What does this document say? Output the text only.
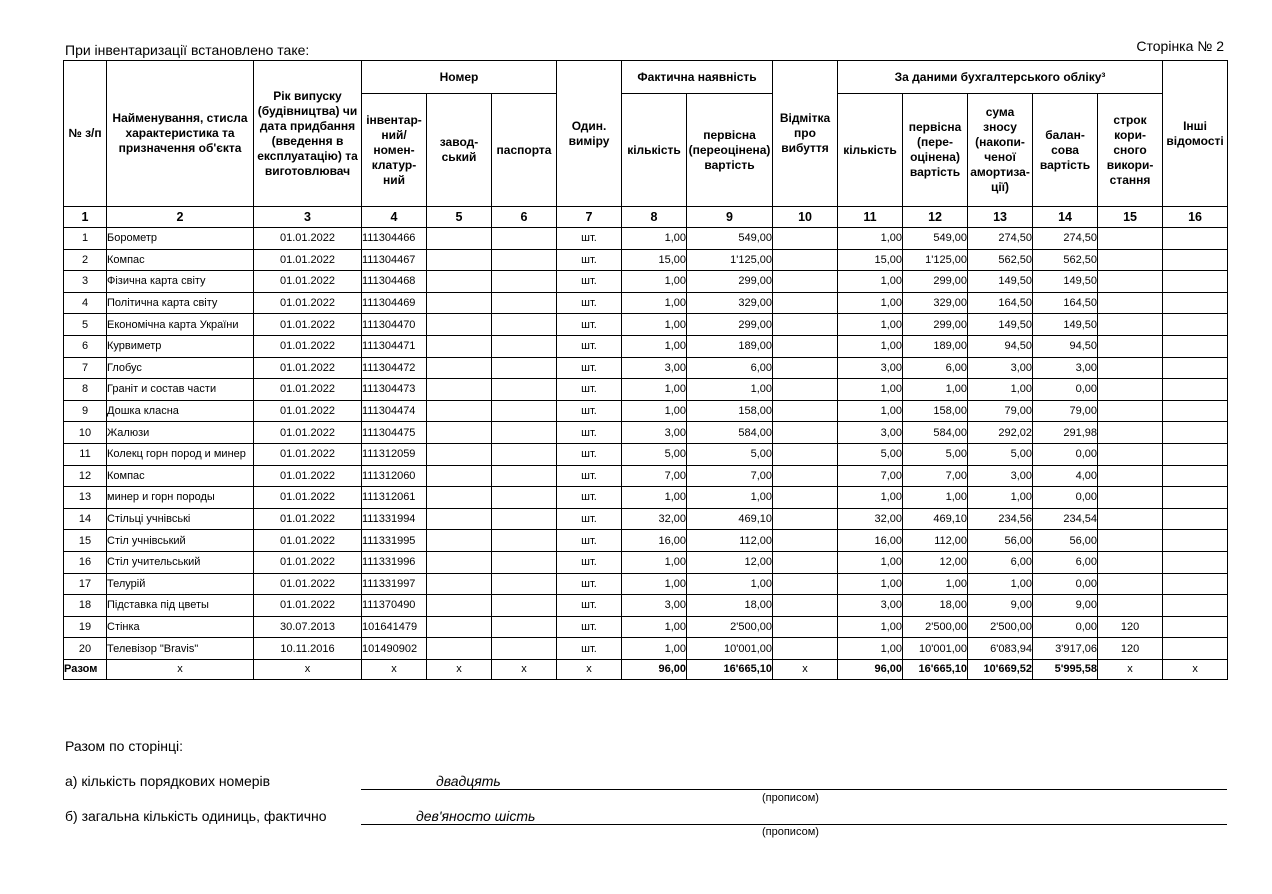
При інвентаризації встановлено таке:	Сторінка № 2
№ з/п	Найменування, стисла характеристика та призначення об'єкта	Рік випуску (будівництва) чи дата придбання (введення в експлуатацію) та виготовлювач	Номер			Один. виміру	Фактична наявність		Відмітка про вибуття	За даними бухгалтерського обліку³					Інші відомості
			інвентар-ний/ номен-клатур-ний	завод-ський	паспорта		кількість	первісна (переоцінена) вартість		кількість	первісна (пере-оцінена) вартість	сума зносу (накопи-ченої амортиза-ції)	балан-сова вартість	строк кори-сного викори-стання	
1	2	3	4	5	6	7	8	9	10	11	12	13	14	15	16
1	Борометр	01.01.2022	111304466			шт.	1,00	549,00		1,00	549,00	274,50	274,50		
2	Компас	01.01.2022	111304467			шт.	15,00	1'125,00		15,00	1'125,00	562,50	562,50		
3	Фізична карта світу	01.01.2022	111304468			шт.	1,00	299,00		1,00	299,00	149,50	149,50		
4	Політична карта світу	01.01.2022	111304469			шт.	1,00	329,00		1,00	329,00	164,50	164,50		
5	Економічна карта України	01.01.2022	111304470			шт.	1,00	299,00		1,00	299,00	149,50	149,50		
6	Курвиметр	01.01.2022	111304471			шт.	1,00	189,00		1,00	189,00	94,50	94,50		
7	Глобус	01.01.2022	111304472			шт.	3,00	6,00		3,00	6,00	3,00	3,00		
8	Граніт и состав части	01.01.2022	111304473			шт.	1,00	1,00		1,00	1,00	1,00	0,00		
9	Дошка класна	01.01.2022	111304474			шт.	1,00	158,00		1,00	158,00	79,00	79,00		
10	Жалюзи	01.01.2022	111304475			шт.	3,00	584,00		3,00	584,00	292,02	291,98		
11	Колекц горн пород и минер	01.01.2022	111312059			шт.	5,00	5,00		5,00	5,00	5,00	0,00		
12	Компас	01.01.2022	111312060			шт.	7,00	7,00		7,00	7,00	3,00	4,00		
13	минер и горн породы	01.01.2022	111312061			шт.	1,00	1,00		1,00	1,00	1,00	0,00		
14	Стільці учнівські	01.01.2022	111331994			шт.	32,00	469,10		32,00	469,10	234,56	234,54		
15	Стіл учнівський	01.01.2022	111331995			шт.	16,00	112,00		16,00	112,00	56,00	56,00		
16	Стіл учительський	01.01.2022	111331996			шт.	1,00	12,00		1,00	12,00	6,00	6,00		
17	Телурій	01.01.2022	111331997			шт.	1,00	1,00		1,00	1,00	1,00	0,00		
18	Підставка під цветы	01.01.2022	111370490			шт.	3,00	18,00		3,00	18,00	9,00	9,00		
19	Стінка	30.07.2013	101641479			шт.	1,00	2'500,00		1,00	2'500,00	2'500,00	0,00	120	
20	Телевізор "Bravis"	10.11.2016	101490902			шт.	1,00	10'001,00		1,00	10'001,00	6'083,94	3'917,06	120	
Разом	x	x	x	x	x	x	96,00	16'665,10	x	96,00	16'665,10	10'669,52	5'995,58	x	x
Разом по сторінці:
а) кількість порядкових номерів	двадцять
(прописом)
б) загальна кількість одиниць, фактично	дев'яносто шість
(прописом)
